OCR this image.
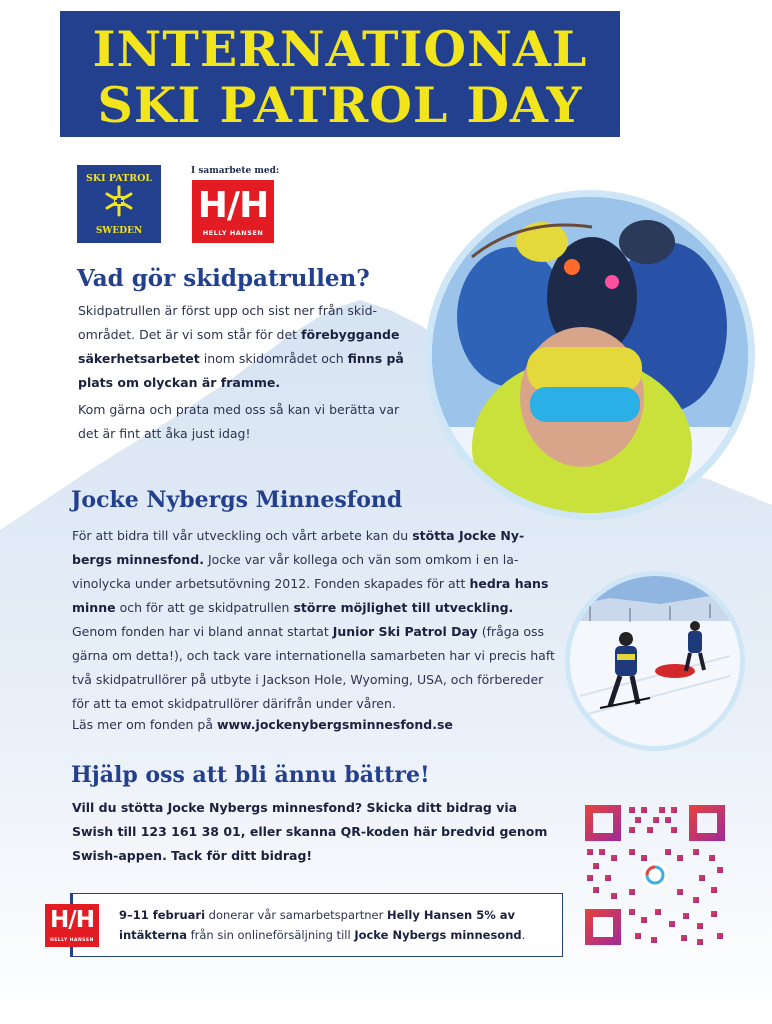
INTERNATIONAL
SKI PATROL DAY
SKI PATROL
SWEDEN
I samarbete med:
H/H
HELLY HANSEN
Vad gör skidpatrullen?
Skidpatrullen är först upp och sist ner från skid-området. Det är vi som står för det förebyggande säkerhetsarbetet inom skidområdet och finns på plats om olyckan är framme.
Kom gärna och prata med oss så kan vi berätta var det är fint att åka just idag!
Jocke Nybergs Minnesfond
För att bidra till vår utveckling och vårt arbete kan du stötta Jocke Ny-bergs minnesfond. Jocke var vår kollega och vän som omkom i en la-vinolycka under arbetsutövning 2012. Fonden skapades för att hedra hans minne och för att ge skidpatrullen större möjlighet till utveckling.
Genom fonden har vi bland annat startat Junior Ski Patrol Day (fråga oss gärna om detta!), och tack vare internationella samarbeten har vi precis haft två skidpatrullörer på utbyte i Jackson Hole, Wyoming, USA, och förbereder för att ta emot skidpatrullörer därifrån under våren.
Läs mer om fonden på www.jockenybergsminnesfond.se
Hjälp oss att bli ännu bättre!
Vill du stötta Jocke Nybergs minnesfond? Skicka ditt bidrag via Swish till 123 161 38 01, eller skanna QR-koden här bredvid genom Swish-appen. Tack för ditt bidrag!
9–11 februari donerar vår samarbetspartner Helly Hansen 5% av intäkterna från sin onlineförsäljning till Jocke Nybergs minnesond.
H/H
HELLY HANSEN
